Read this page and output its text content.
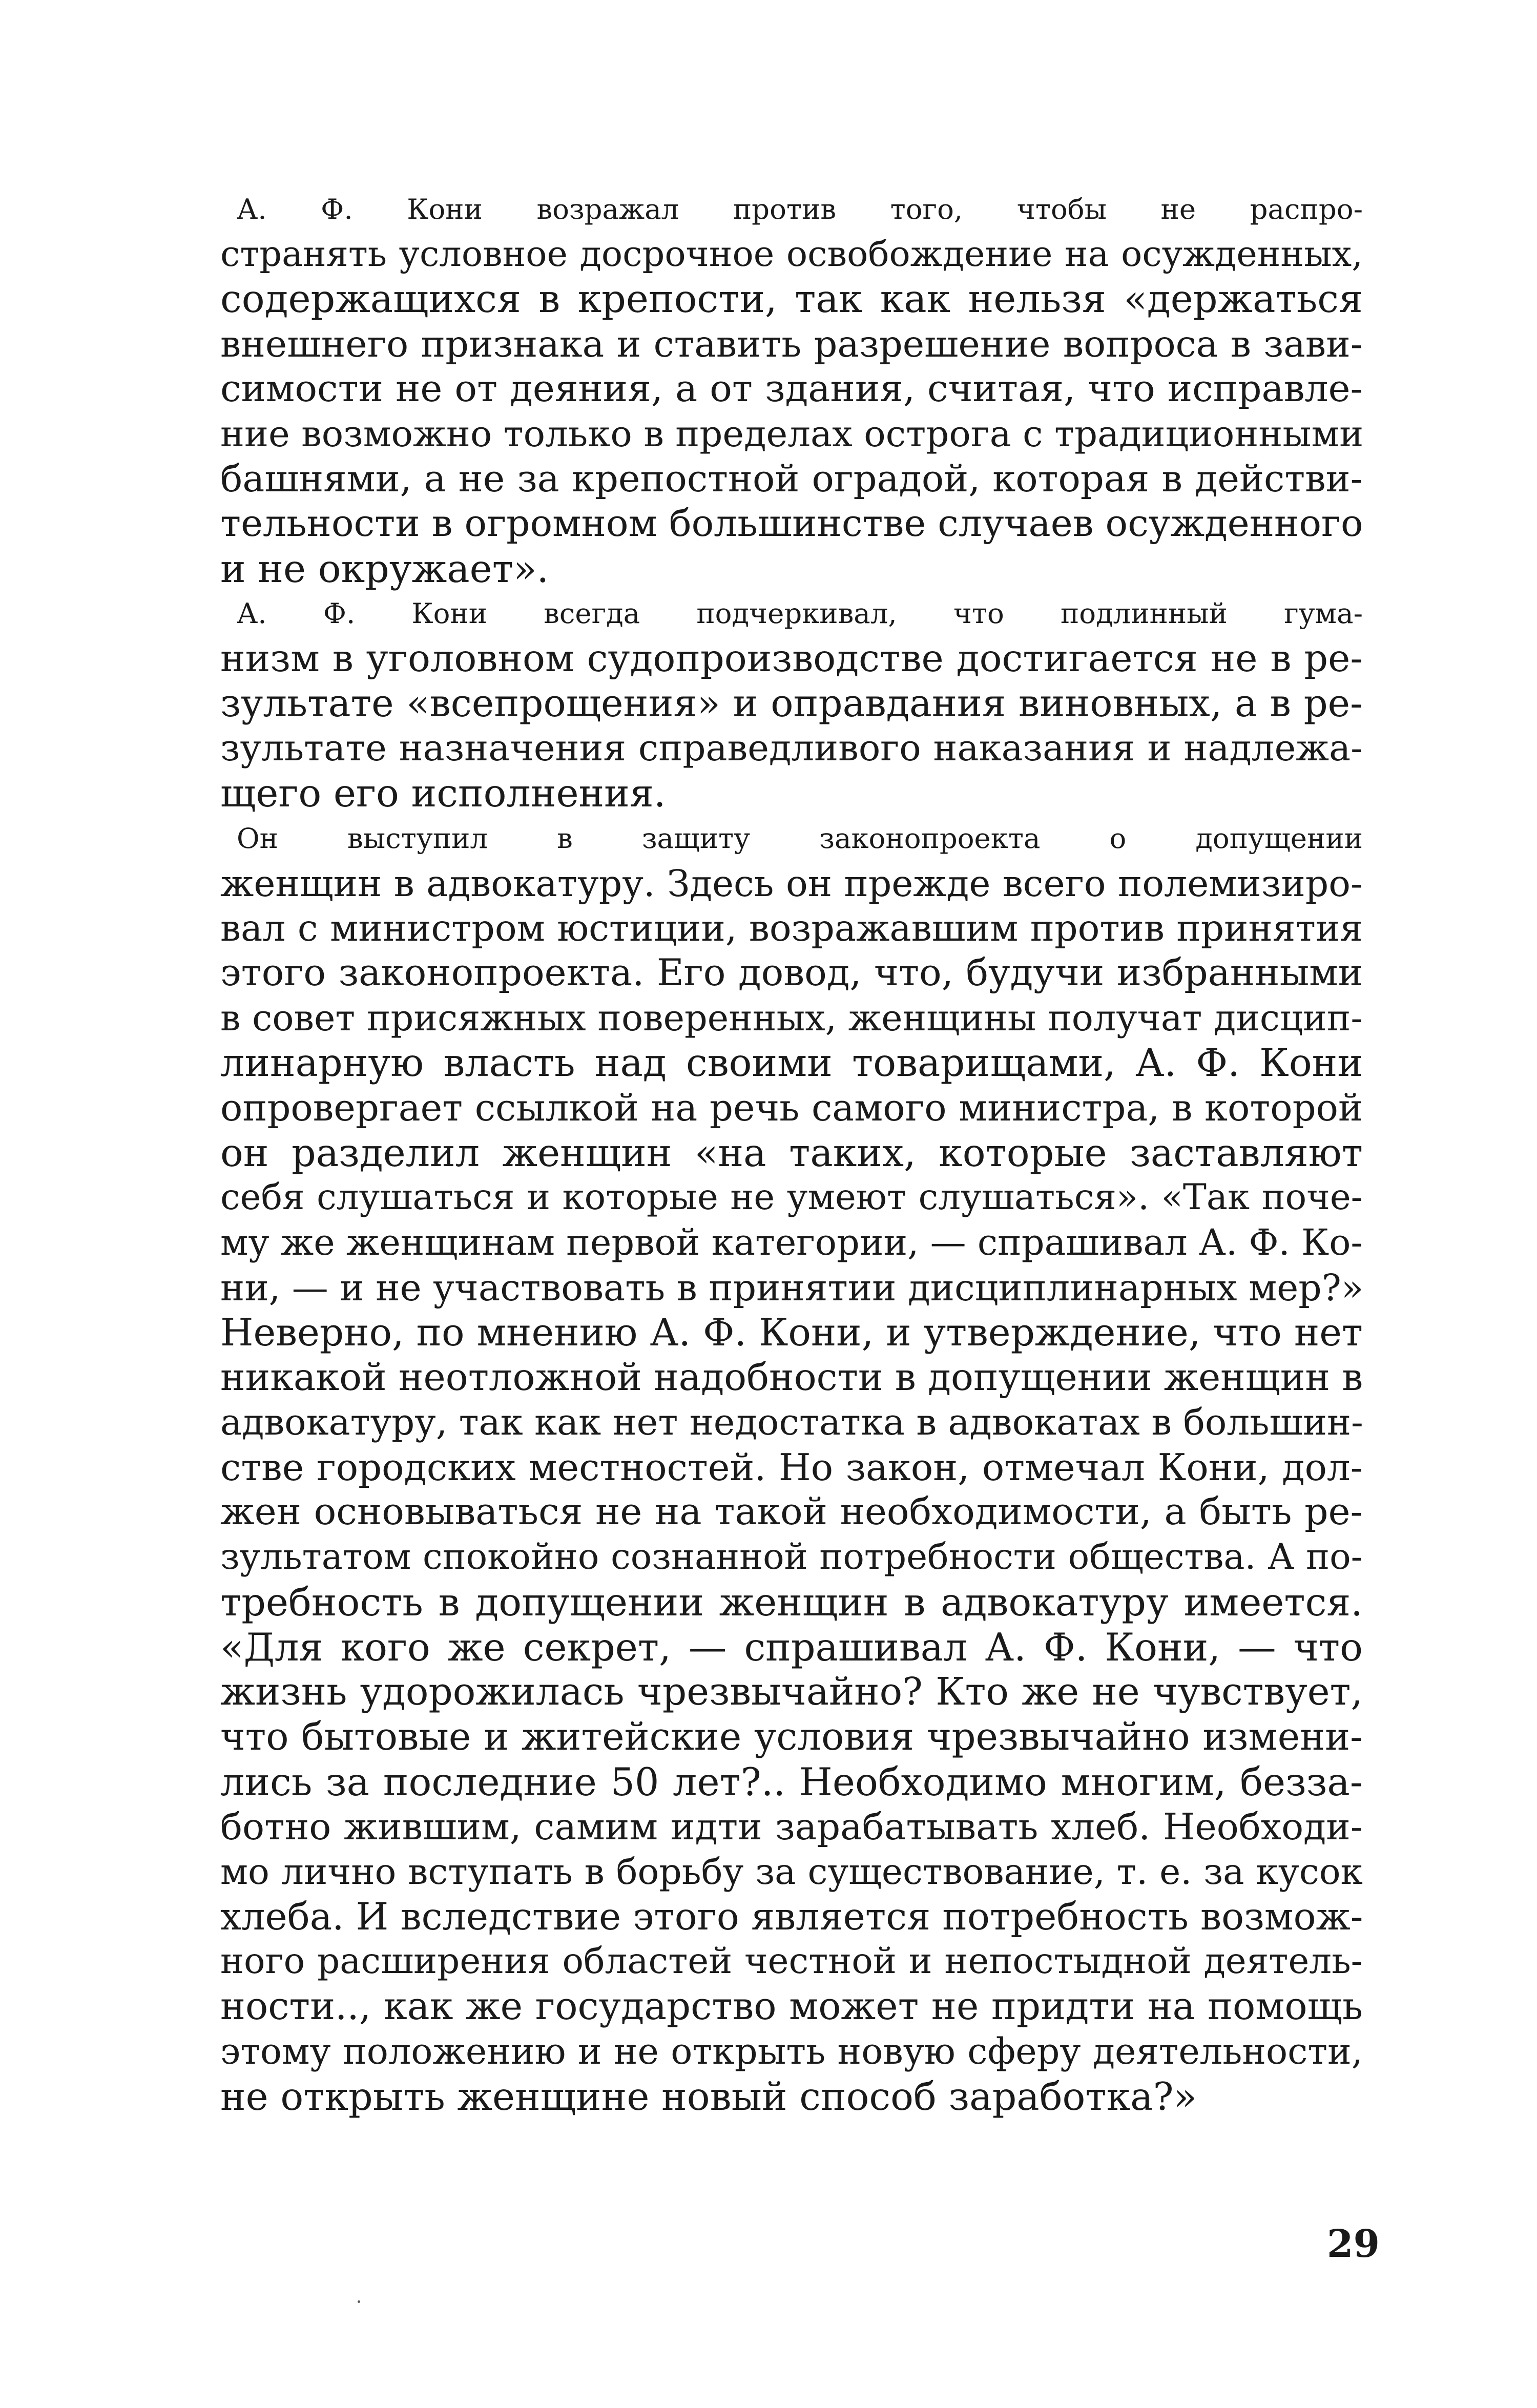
А. Ф. Кони возражал против того, чтобы не распро-
странять условное досрочное освобождение на осужденных,
содержащихся в крепости, так как нельзя «держаться
внешнего признака и ставить разрешение вопроса в зави-
симости не от деяния, а от здания, считая, что исправле-
ние возможно только в пределах острога с традиционными
башнями, а не за крепостной оградой, которая в действи-
тельности в огромном большинстве случаев осужденного
и не окружает».

А. Ф. Кони всегда подчеркивал, что подлинный гума-
низм в уголовном судопроизводстве достигается не в ре-
зультате «всепрощения» и оправдания виновных, а в ре-
зультате назначения справедливого наказания и надлежа-
щего его исполнения.

Он выступил в защиту законопроекта о допущении
женщин в адвокатуру. Здесь он прежде всего полемизиро-
вал с министром юстиции, возражавшим против принятия
этого законопроекта. Его довод, что, будучи избранными
в совет присяжных поверенных, женщины получат дисцип-
линарную власть над своими товарищами, А. Ф. Кони
опровергает ссылкой на речь самого министра, в которой
он разделил женщин «на таких, которые заставляют
себя слушаться и которые не умеют слушаться». «Так поче-
му же женщинам первой категории, — спрашивал А. Ф. Ко-
ни, — и не участвовать в принятии дисциплинарных мер?»
Неверно, по мнению А. Ф. Кони, и утверждение, что нет
никакой неотложной надобности в допущении женщин в
адвокатуру, так как нет недостатка в адвокатах в большин-
стве городских местностей. Но закон, отмечал Кони, дол-
жен основываться не на такой необходимости, а быть ре-
зультатом спокойно сознанной потребности общества. А по-
требность в допущении женщин в адвокатуру имеется.
«Для кого же секрет, — спрашивал А. Ф. Кони, — что
жизнь удорожилась чрезвычайно? Кто же не чувствует,
что бытовые и житейские условия чрезвычайно измени-
лись за последние 50 лет?.. Необходимо многим, безза-
ботно жившим, самим идти зарабатывать хлеб. Необходи-
мо лично вступать в борьбу за существование, т. е. за кусок
хлеба. И вследствие этого является потребность возмож-
ного расширения областей честной и непостыдной деятель-
ности.., как же государство может не придти на помощь
этому положению и не открыть новую сферу деятельности,
не открыть женщине новый способ заработка?»

29
